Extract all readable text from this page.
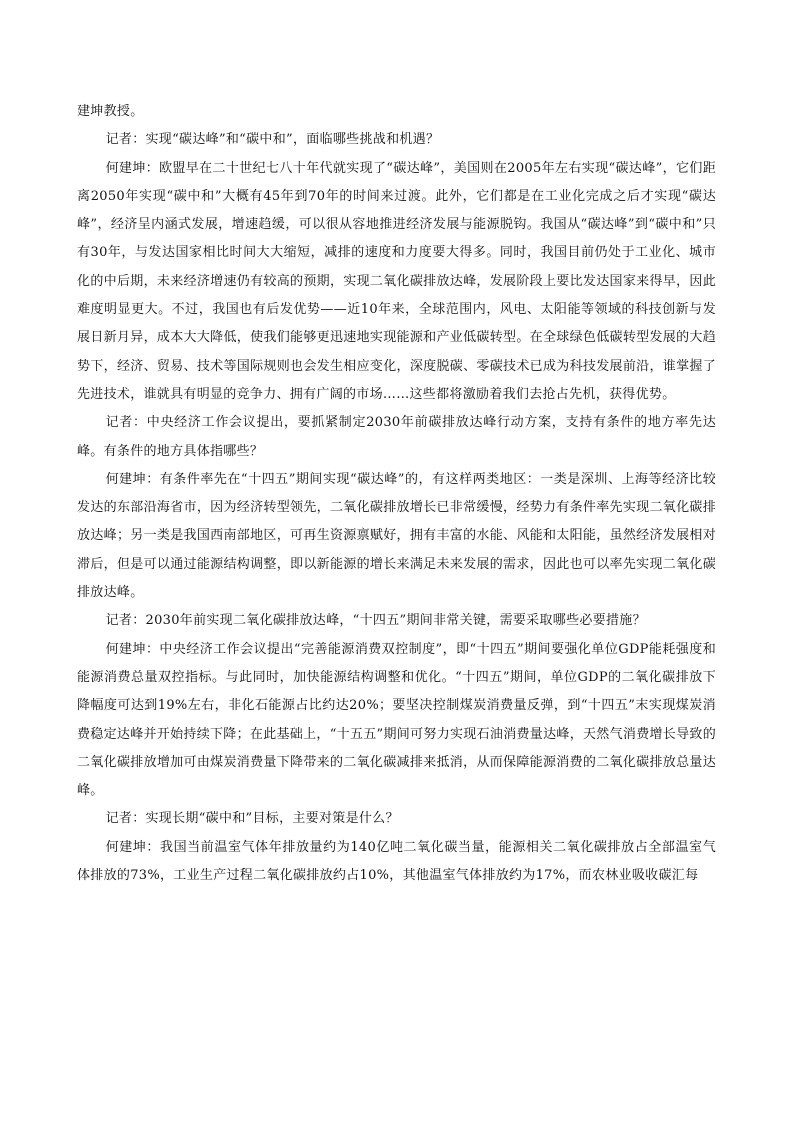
建坤教授。

记者：实现“碳达峰”和“碳中和”，面临哪些挑战和机遇？

何建坤：欧盟早在二十世纪七八十年代就实现了“碳达峰”，美国则在2005年左右实现“碳达峰”，它们距离2050年实现“碳中和”大概有45年到70年的时间来过渡。此外，它们都是在工业化完成之后才实现“碳达峰”，经济呈内涵式发展，增速趋缓，可以很从容地推进经济发展与能源脱钩。我国从“碳达峰”到“碳中和”只有30年，与发达国家相比时间大大缩短，减排的速度和力度要大得多。同时，我国目前仍处于工业化、城市化的中后期，未来经济增速仍有较高的预期，实现二氧化碳排放达峰，发展阶段上要比发达国家来得早，因此难度明显更大。不过，我国也有后发优势——近10年来，全球范围内，风电、太阳能等领域的科技创新与发展日新月异，成本大大降低，使我们能够更迅速地实现能源和产业低碳转型。在全球绿色低碳转型发展的大趋势下，经济、贸易、技术等国际规则也会发生相应变化，深度脱碳、零碳技术已成为科技发展前沿，谁掌握了先进技术，谁就具有明显的竞争力、拥有广阔的市场……这些都将激励着我们去抢占先机，获得优势。

记者：中央经济工作会议提出，要抓紧制定2030年前碳排放达峰行动方案，支持有条件的地方率先达峰。有条件的地方具体指哪些？

何建坤：有条件率先在“十四五”期间实现“碳达峰”的，有这样两类地区：一类是深圳、上海等经济比较发达的东部沿海省市，因为经济转型领先，二氧化碳排放增长已非常缓慢，经势力有条件率先实现二氧化碳排放达峰；另一类是我国西南部地区，可再生资源禀赋好，拥有丰富的水能、风能和太阳能，虽然经济发展相对滞后，但是可以通过能源结构调整，即以新能源的增长来满足未来发展的需求，因此也可以率先实现二氧化碳排放达峰。

记者：2030年前实现二氧化碳排放达峰，“十四五”期间非常关键，需要采取哪些必要措施？

何建坤：中央经济工作会议提出“完善能源消费双控制度”，即“十四五”期间要强化单位GDP能耗强度和能源消费总量双控指标。与此同时，加快能源结构调整和优化。“十四五”期间，单位GDP的二氧化碳排放下降幅度可达到19%左右，非化石能源占比约达20%；要坚决控制煤炭消费量反弹，到“十四五”末实现煤炭消费稳定达峰并开始持续下降；在此基础上，“十五五”期间可努力实现石油消费量达峰，天然气消费增长导致的二氧化碳排放增加可由煤炭消费量下降带来的二氧化碳减排来抵消，从而保障能源消费的二氧化碳排放总量达峰。

记者：实现长期“碳中和”目标，主要对策是什么？

何建坤：我国当前温室气体年排放量约为140亿吨二氧化碳当量，能源相关二氧化碳排放占全部温室气体排放的73%，工业生产过程二氧化碳排放约占10%，其他温室气体排放约为17%，而农林业吸收碳汇每
